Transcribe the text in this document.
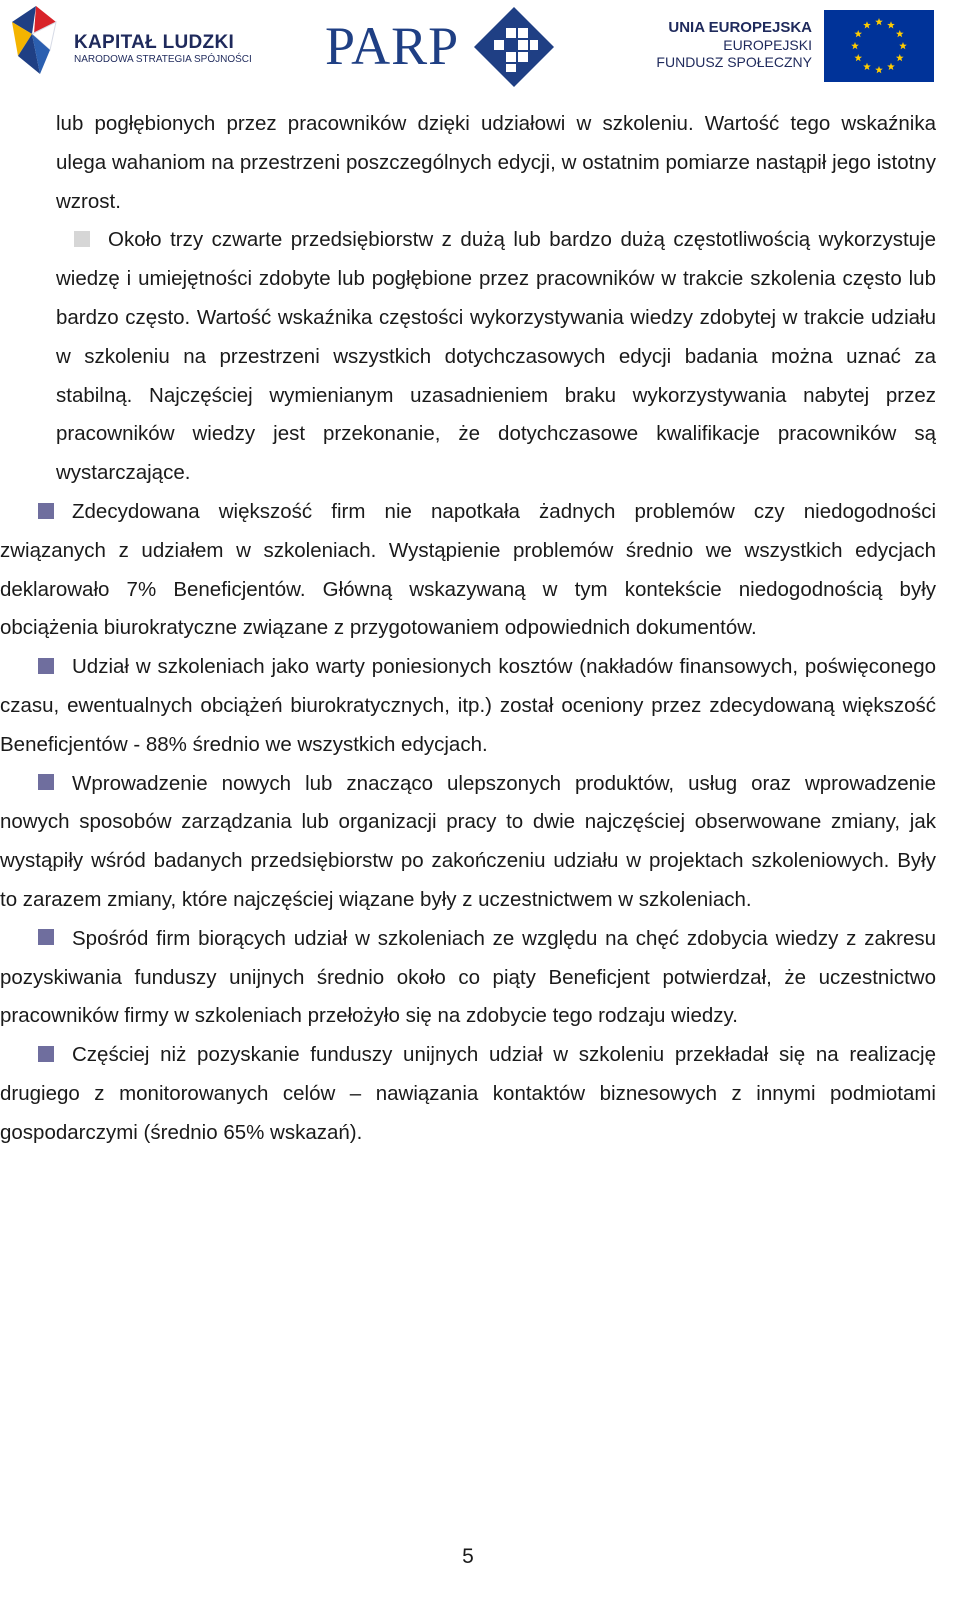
KAPITAŁ LUDZKI
NARODOWA STRATEGIA SPÓJNOŚCI PARP	UNIA EUROPEJSKA
EUROPEJSKI
FUNDUSZ SPOŁECZNY

lub pogłębionych przez pracowników dzięki udziałowi w szkoleniu. Wartość tego wskaźnika ulega wahaniom na przestrzeni poszczególnych edycji, w ostatnim pomiarze nastąpił jego istotny wzrost.

Około trzy czwarte przedsiębiorstw z dużą lub bardzo dużą częstotliwością wykorzystuje wiedzę i umiejętności zdobyte lub pogłębione przez pracowników w trakcie szkolenia często lub bardzo często. Wartość wskaźnika częstości wykorzystywania wiedzy zdobytej w trakcie udziału w szkoleniu na przestrzeni wszystkich dotychczasowych edycji badania można uznać za stabilną. Najczęściej wymienianym uzasadnieniem braku wykorzystywania nabytej przez pracowników wiedzy jest przekonanie, że dotychczasowe kwalifikacje pracowników są wystarczające.

Zdecydowana większość firm nie napotkała żadnych problemów czy niedogodności związanych z udziałem w szkoleniach. Wystąpienie problemów średnio we wszystkich edycjach deklarowało 7% Beneficjentów. Główną wskazywaną w tym kontekście niedogodnością były obciążenia biurokratyczne związane z przygotowaniem odpowiednich dokumentów.

Udział w szkoleniach jako warty poniesionych kosztów (nakładów finansowych, poświęconego czasu, ewentualnych obciążeń biurokratycznych, itp.) został oceniony przez zdecydowaną większość Beneficjentów - 88% średnio we wszystkich edycjach.

Wprowadzenie nowych lub znacząco ulepszonych produktów, usług oraz wprowadzenie nowych sposobów zarządzania lub organizacji pracy to dwie najczęściej obserwowane zmiany, jak wystąpiły wśród badanych przedsiębiorstw po zakończeniu udziału w projektach szkoleniowych. Były to zarazem zmiany, które najczęściej wiązane były z uczestnictwem w szkoleniach.

Spośród firm biorących udział w szkoleniach ze względu na chęć zdobycia wiedzy z zakresu pozyskiwania funduszy unijnych średnio około co piąty Beneficjent potwierdzał, że uczestnictwo pracowników firmy w szkoleniach przełożyło się na zdobycie tego rodzaju wiedzy.

Częściej niż pozyskanie funduszy unijnych udział w szkoleniu przekładał się na realizację drugiego z monitorowanych celów – nawiązania kontaktów biznesowych z innymi podmiotami gospodarczymi (średnio 65% wskazań).

5
